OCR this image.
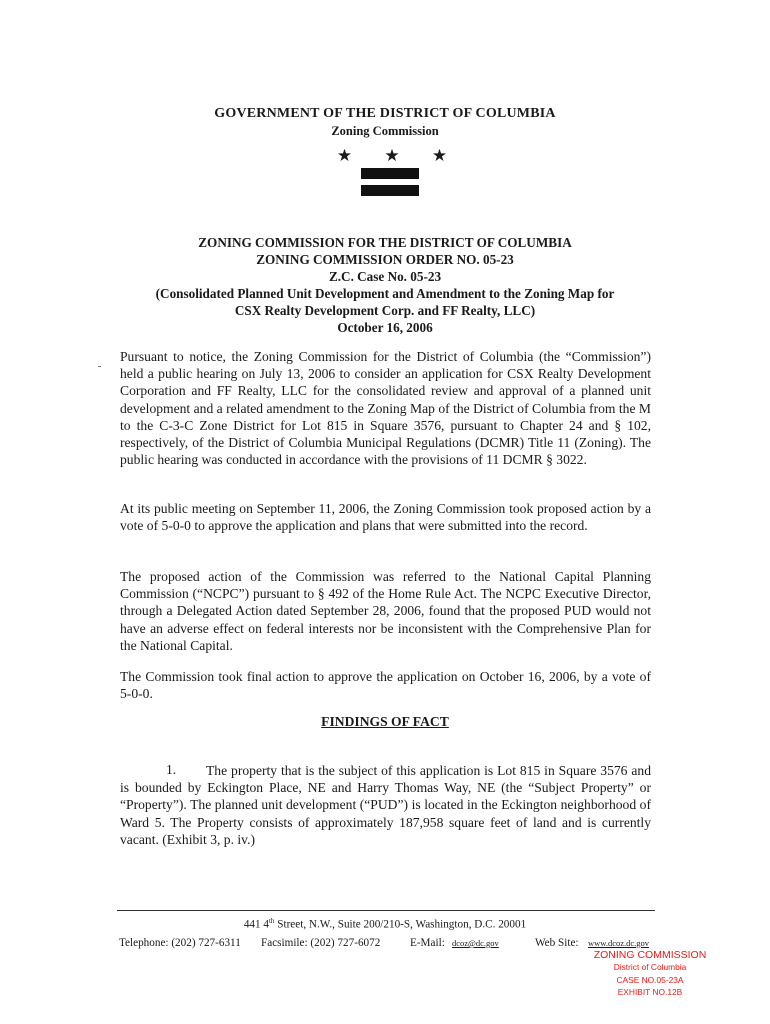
GOVERNMENT OF THE DISTRICT OF COLUMBIA
Zoning Commission
★ ★ ★
ZONING COMMISSION FOR THE DISTRICT OF COLUMBIA
ZONING COMMISSION ORDER NO. 05-23
Z.C. Case No. 05-23
(Consolidated Planned Unit Development and Amendment to the Zoning Map for
CSX Realty Development Corp. and FF Realty, LLC)
October 16, 2006
Pursuant to notice, the Zoning Commission for the District of Columbia (the “Commission”) held a public hearing on July 13, 2006 to consider an application for CSX Realty Development Corporation and FF Realty, LLC for the consolidated review and approval of a planned unit development and a related amendment to the Zoning Map of the District of Columbia from the M to the C-3-C Zone District for Lot 815 in Square 3576, pursuant to Chapter 24 and § 102, respectively, of the District of Columbia Municipal Regulations (DCMR) Title 11 (Zoning). The public hearing was conducted in accordance with the provisions of 11 DCMR § 3022.
At its public meeting on September 11, 2006, the Zoning Commission took proposed action by a vote of 5-0-0 to approve the application and plans that were submitted into the record.
The proposed action of the Commission was referred to the National Capital Planning Commission (“NCPC”) pursuant to § 492 of the Home Rule Act. The NCPC Executive Director, through a Delegated Action dated September 28, 2006, found that the proposed PUD would not have an adverse effect on federal interests nor be inconsistent with the Comprehensive Plan for the National Capital.
The Commission took final action to approve the application on October 16, 2006, by a vote of 5-0-0.
FINDINGS OF FACT
1.	The property that is the subject of this application is Lot 815 in Square 3576 and is bounded by Eckington Place, NE and Harry Thomas Way, NE (the “Subject Property” or “Property”). The planned unit development (“PUD”) is located in the Eckington neighborhood of Ward 5. The Property consists of approximately 187,958 square feet of land and is currently vacant. (Exhibit 3, p. iv.)
441 4th Street, N.W., Suite 200/210-S, Washington, D.C. 20001
Telephone: (202) 727-6311 Facsimile: (202) 727-6072	E-Mail: dcoz@dc.gov	Web Site: www.dcoz.dc.gov
ZONING COMMISSION
District of Columbia
CASE NO.05-23A
EXHIBIT NO.12B
